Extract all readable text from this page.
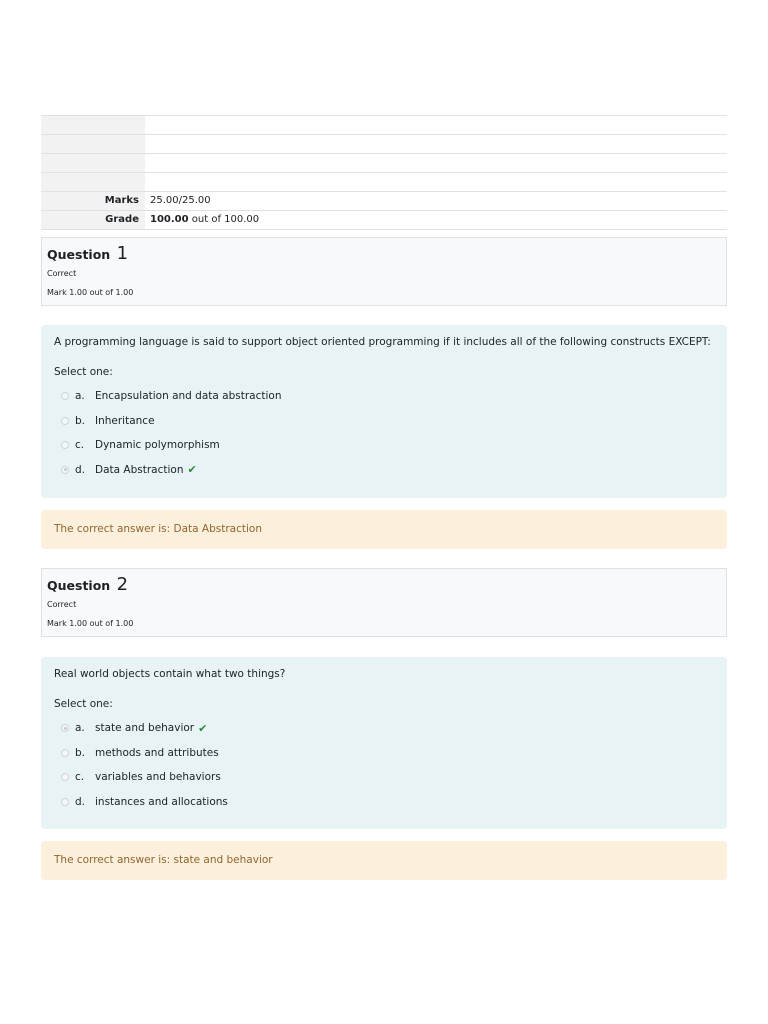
Marks	25.00/25.00
Grade	100.00 out of 100.00
Question 1
Correct
Mark 1.00 out of 1.00
A programming language is said to support object oriented programming if it includes all of the following constructs EXCEPT:
Select one:
a. Encapsulation and data abstraction
b. Inheritance
c.	Dynamic polymorphism
d. Data Abstraction ✔
The correct answer is: Data Abstraction
Question 2
Correct
Mark 1.00 out of 1.00
Real world objects contain what two things?
Select one:
a. state and behavior ✔
b. methods and attributes
c.	variables and behaviors
d. instances and allocations
The correct answer is: state and behavior
